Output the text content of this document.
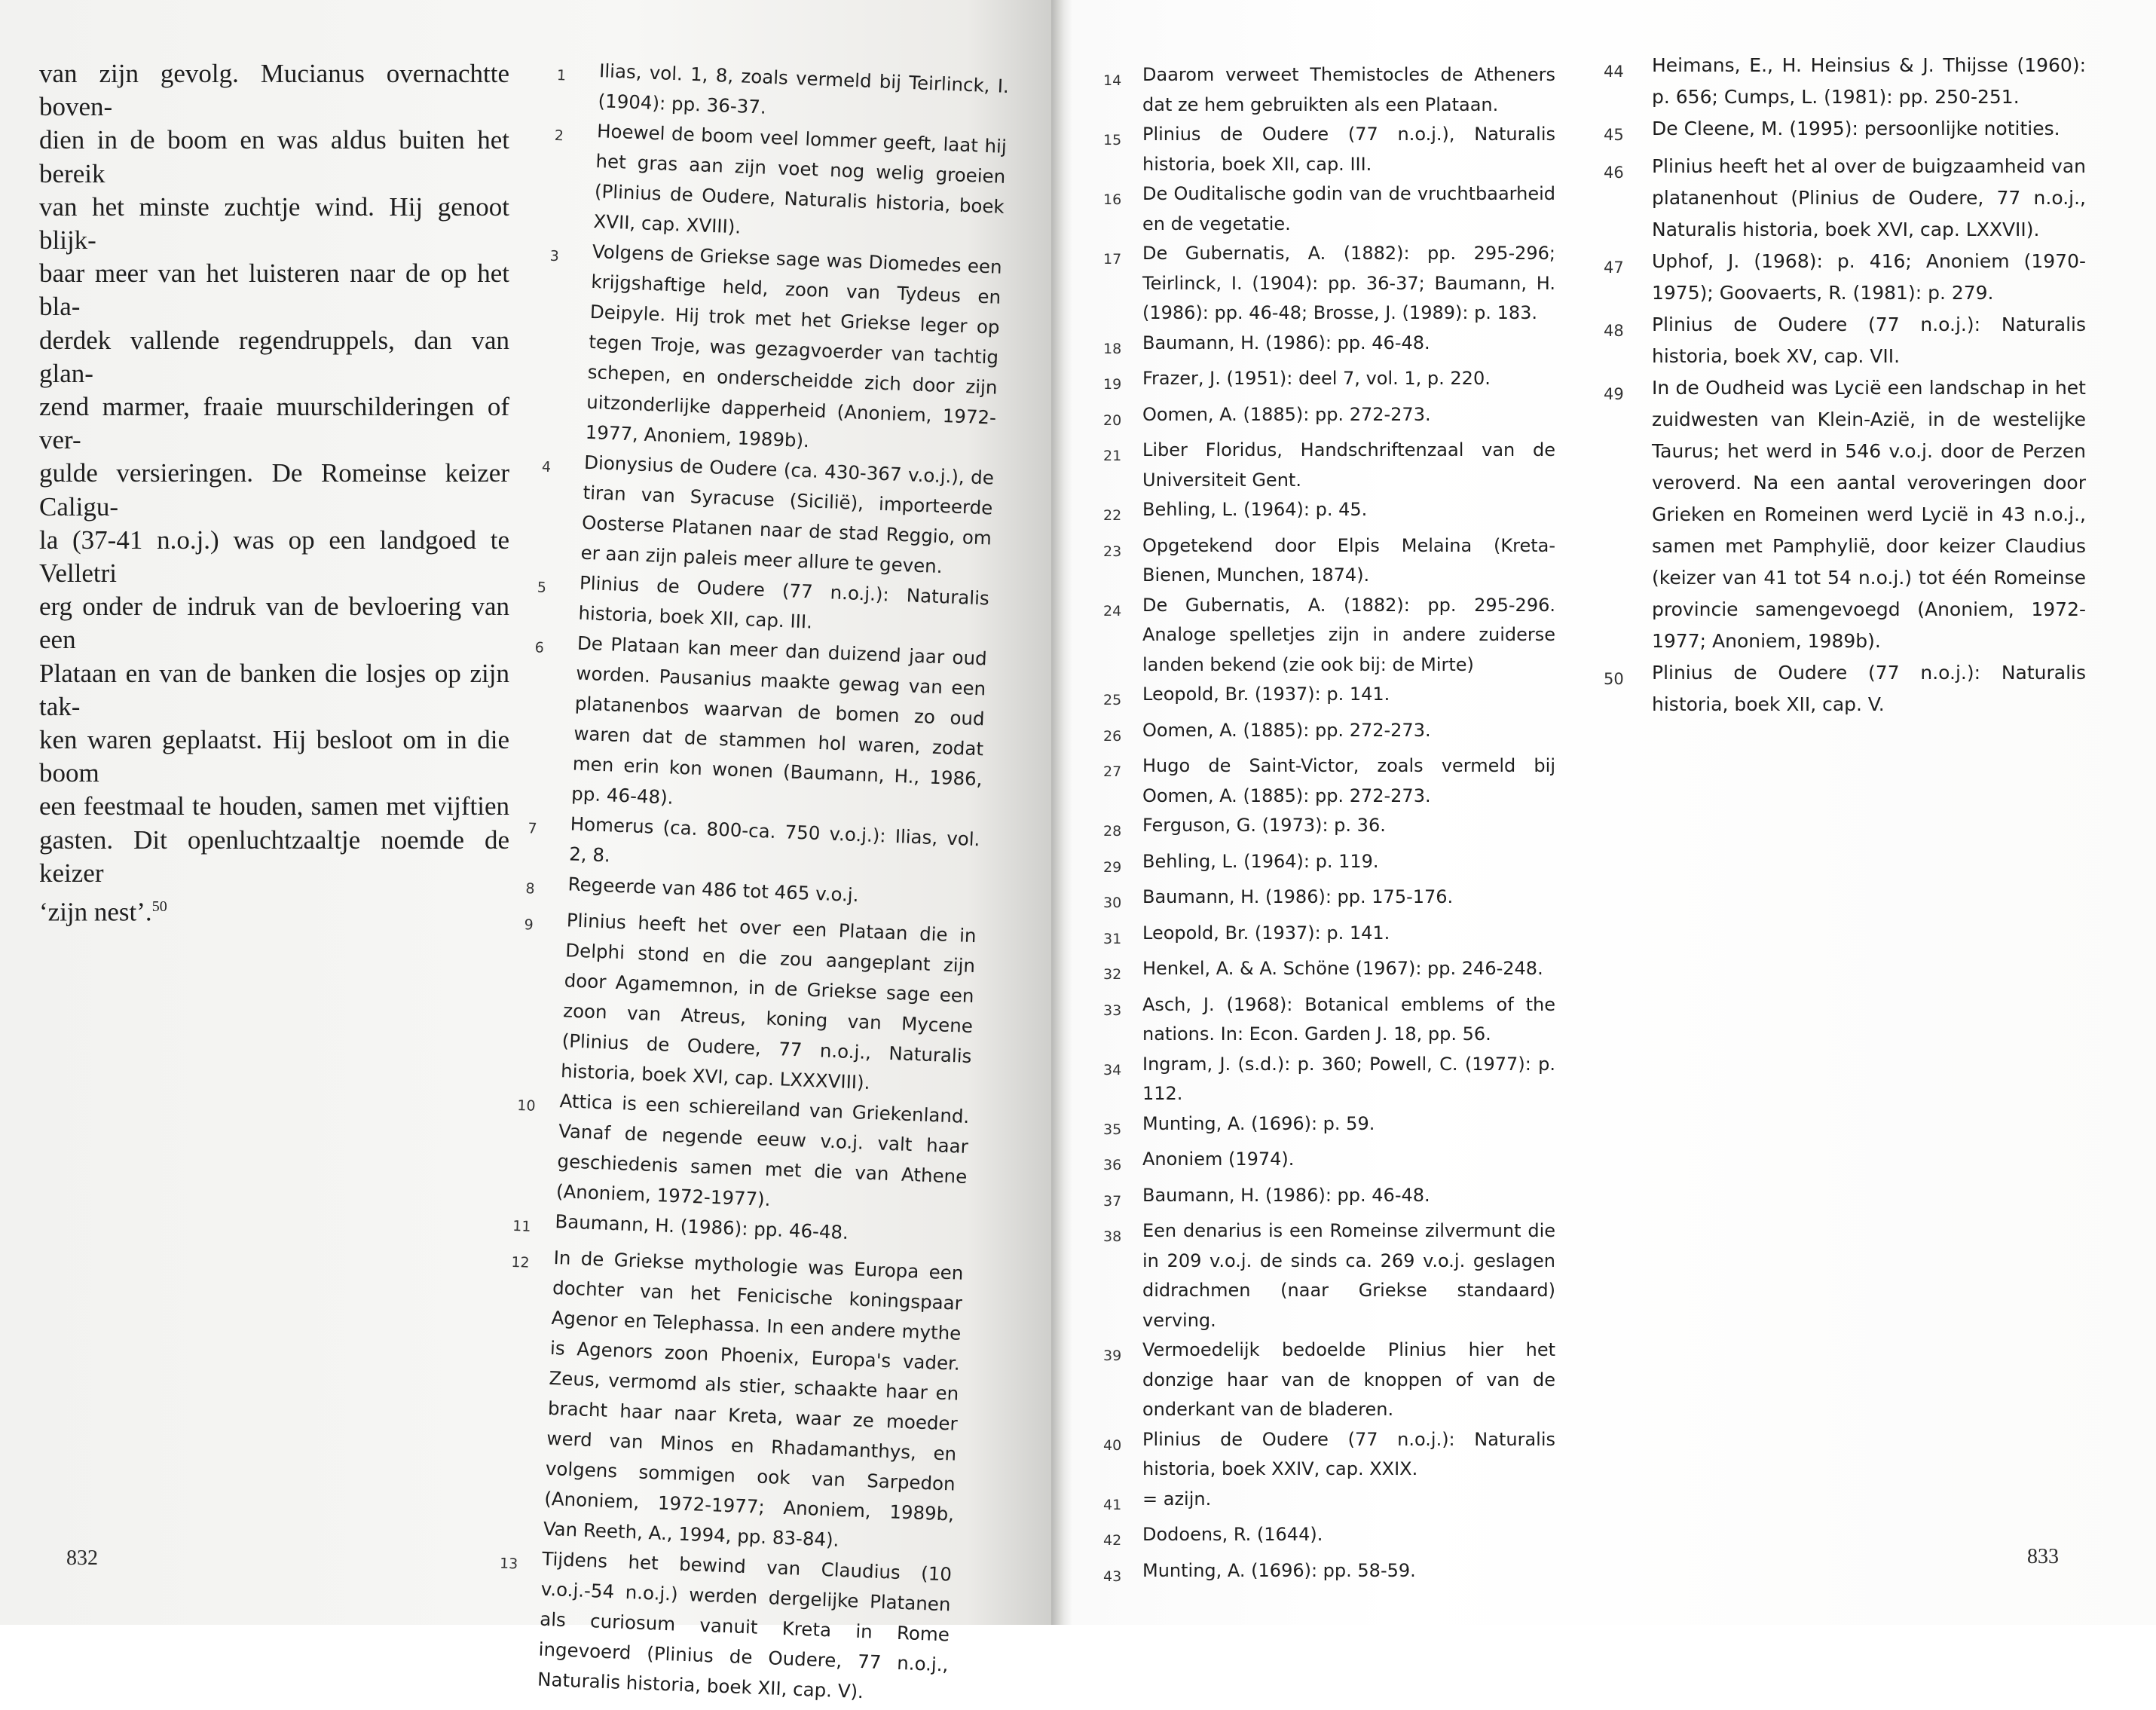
van zijn gevolg. Mucianus overnachtte boven-
dien in de boom en was aldus buiten het bereik
van het minste zuchtje wind. Hij genoot blijk-
baar meer van het luisteren naar de op het bla-
derdek vallende regendruppels, dan van glan-
zend marmer, fraaie muurschilderingen of ver-
gulde versieringen. De Romeinse keizer Caligu-
la (37-41 n.o.j.) was op een landgoed te Velletri
erg onder de indruk van de bevloering van een
Plataan en van de banken die losjes op zijn tak-
ken waren geplaatst. Hij besloot om in die boom
een feestmaal te houden, samen met vijftien
gasten. Dit openluchtzaaltje noemde de keizer
‘zijn nest’.$^{50}$
1	Ilias, vol. 1, 8, zoals vermeld bij Teirlinck, I. (1904): pp. 36-37.
2	Hoewel de boom veel lommer geeft, laat hij het gras aan zijn voet nog welig groeien (Plinius de Oudere, Naturalis historia, boek XVII, cap. XVIII).
3	Volgens de Griekse sage was Diomedes een krijgshaftige held, zoon van Tydeus en Deipyle. Hij trok met het Griekse leger op tegen Troje, was gezagvoerder van tachtig schepen, en onderscheidde zich door zijn uitzonderlijke dapperheid (Anoniem, 1972-1977, Anoniem, 1989b).
4	Dionysius de Oudere (ca. 430-367 v.o.j.), de tiran van Syracuse (Sicilië), importeerde Oosterse Platanen naar de stad Reggio, om er aan zijn paleis meer allure te geven.
5	Plinius de Oudere (77 n.o.j.): Naturalis historia, boek XII, cap. III.
6	De Plataan kan meer dan duizend jaar oud worden. Pausanius maakte gewag van een platanenbos waarvan de bomen zo oud waren dat de stammen hol waren, zodat men erin kon wonen (Baumann, H., 1986, pp. 46-48).
7	Homerus (ca. 800-ca. 750 v.o.j.): Ilias, vol. 2, 8.
8	Regeerde van 486 tot 465 v.o.j.
9	Plinius heeft het over een Plataan die in Delphi stond en die zou aangeplant zijn door Agamemnon, in de Griekse sage een zoon van Atreus, koning van Mycene (Plinius de Oudere, 77 n.o.j., Naturalis historia, boek XVI, cap. LXXXVIII).
10	Attica is een schiereiland van Griekenland. Vanaf de negende eeuw v.o.j. valt haar geschiedenis samen met die van Athene (Anoniem, 1972-1977).
11	Baumann, H. (1986): pp. 46-48.
12	In de Griekse mythologie was Europa een dochter van het Fenicische koningspaar Agenor en Telephassa. In een andere mythe is Agenors zoon Phoenix, Europa's vader. Zeus, vermomd als stier, schaakte haar en bracht haar naar Kreta, waar ze moeder werd van Minos en Rhadamanthys, en volgens sommigen ook van Sarpedon (Anoniem, 1972-1977; Anoniem, 1989b, Van Reeth, A., 1994, pp. 83-84).
13	Tijdens het bewind van Claudius (10 v.o.j.-54 n.o.j.) werden dergelijke Platanen als curiosum vanuit Kreta in Rome ingevoerd (Plinius de Oudere, 77 n.o.j., Naturalis historia, boek XII, cap. V).
832
14	Daarom verweet Themistocles de Atheners dat ze hem gebruikten als een Plataan.
15	Plinius de Oudere (77 n.o.j.), Naturalis historia, boek XII, cap. III.
16	De Ouditalische godin van de vruchtbaarheid en de vegetatie.
17	De Gubernatis, A. (1882): pp. 295-296; Teirlinck, I. (1904): pp. 36-37; Baumann, H. (1986): pp. 46-48; Brosse, J. (1989): p. 183.
18	Baumann, H. (1986): pp. 46-48.
19	Frazer, J. (1951): deel 7, vol. 1, p. 220.
20	Oomen, A. (1885): pp. 272-273.
21	Liber Floridus, Handschriftenzaal van de Universiteit Gent.
22	Behling, L. (1964): p. 45.
23	Opgetekend door Elpis Melaina (Kreta-Bienen, Munchen, 1874).
24	De Gubernatis, A. (1882): pp. 295-296. Analoge spelletjes zijn in andere zuiderse landen bekend (zie ook bij: de Mirte)
25	Leopold, Br. (1937): p. 141.
26	Oomen, A. (1885): pp. 272-273.
27	Hugo de Saint-Victor, zoals vermeld bij Oomen, A. (1885): pp. 272-273.
28	Ferguson, G. (1973): p. 36.
29	Behling, L. (1964): p. 119.
30	Baumann, H. (1986): pp. 175-176.
31	Leopold, Br. (1937): p. 141.
32	Henkel, A. & A. Schöne (1967): pp. 246-248.
33	Asch, J. (1968): Botanical emblems of the nations. In: Econ. Garden J. 18, pp. 56.
34	Ingram, J. (s.d.): p. 360; Powell, C. (1977): p. 112.
35	Munting, A. (1696): p. 59.
36	Anoniem (1974).
37	Baumann, H. (1986): pp. 46-48.
38	Een denarius is een Romeinse zilvermunt die in 209 v.o.j. de sinds ca. 269 v.o.j. geslagen didrachmen (naar Griekse standaard) verving.
39	Vermoedelijk bedoelde Plinius hier het donzige haar van de knoppen of van de onderkant van de bladeren.
40	Plinius de Oudere (77 n.o.j.): Naturalis historia, boek XXIV, cap. XXIX.
41	= azijn.
42	Dodoens, R. (1644).
43	Munting, A. (1696): pp. 58-59.
44	Heimans, E., H. Heinsius & J. Thijsse (1960): p. 656; Cumps, L. (1981): pp. 250-251.
45	De Cleene, M. (1995): persoonlijke notities.
46	Plinius heeft het al over de buigzaamheid van platanenhout (Plinius de Oudere, 77 n.o.j., Naturalis historia, boek XVI, cap. LXXVII).
47	Uphof, J. (1968): p. 416; Anoniem (1970-1975); Goovaerts, R. (1981): p. 279.
48	Plinius de Oudere (77 n.o.j.): Naturalis historia, boek XV, cap. VII.
49	In de Oudheid was Lycië een landschap in het zuidwesten van Klein-Azië, in de westelijke Taurus; het werd in 546 v.o.j. door de Perzen veroverd. Na een aantal veroveringen door Grieken en Romeinen werd Lycië in 43 n.o.j., samen met Pamphylië, door keizer Claudius (keizer van 41 tot 54 n.o.j.) tot één Romeinse provincie samengevoegd (Anoniem, 1972-1977; Anoniem, 1989b).
50	Plinius de Oudere (77 n.o.j.): Naturalis historia, boek XII, cap. V.
833
